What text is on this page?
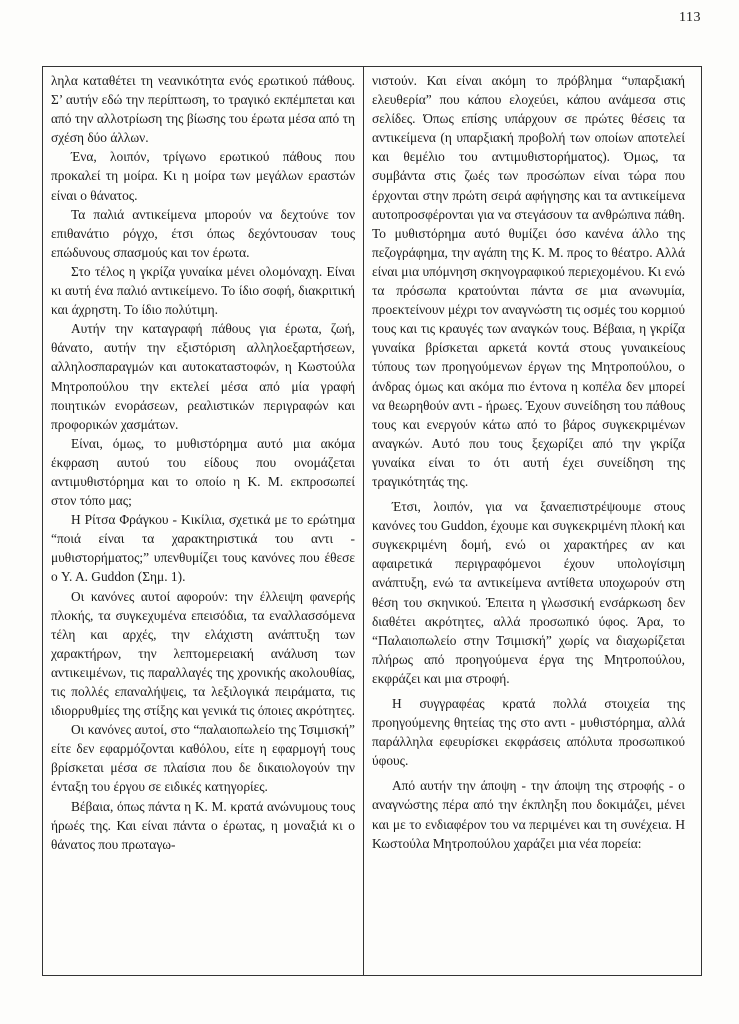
113

ληλα καταθέτει τη νεανικότητα ενός ερωτικού πάθους. Σ’ αυτήν εδώ την περίπτωση, το τραγικό εκπέμπεται και από την αλλοτρίωση της βίωσης του έρωτα μέσα από τη σχέση δύο άλλων.

Ένα, λοιπόν, τρίγωνο ερωτικού πάθους που προκαλεί τη μοίρα. Κι η μοίρα των μεγάλων εραστών είναι ο θάνατος.

Τα παλιά αντικείμενα μπορούν να δεχτούνε τον επιθανάτιο ρόγχο, έτσι όπως δεχόντουσαν τους επώδυνους σπασμούς και τον έρωτα.

Στο τέλος η γκρίζα γυναίκα μένει ολομόναχη. Είναι κι αυτή ένα παλιό αντικείμενο. Το ίδιο σοφή, διακριτική και άχρηστη. Το ίδιο πολύτιμη.

Αυτήν την καταγραφή πάθους για έρωτα, ζωή, θάνατο, αυτήν την εξιστόριση αλληλοεξαρτήσεων, αλληλοσπαραγμών και αυτοκαταστοφών, η Κωστούλα Μητροπούλου την εκτελεί μέσα από μία γραφή ποιητικών ενοράσεων, ρεαλιστικών περιγραφών και προφορικών χασμάτων.

Είναι, όμως, το μυθιστόρημα αυτό μια ακόμα έκφραση αυτού του είδους που ονομάζεται αντιμυθιστόρημα και το οποίο η Κ. Μ. εκπροσωπεί στον τόπο μας;

Η Ρίτσα Φράγκου - Κικίλια, σχετικά με το ερώτημα “ποιά είναι τα χαρακτηριστικά του αντι - μυθιστορήματος;” υπενθυμίζει τους κανόνες που έθεσε ο Y. A. Guddon (Σημ. 1).

Οι κανόνες αυτοί αφορούν: την έλλειψη φανερής πλοκής, τα συγκεχυμένα επεισόδια, τα εναλλασσόμενα τέλη και αρχές, την ελάχιστη ανάπτυξη των χαρακτήρων, την λεπτομερειακή ανάλυση των αντικειμένων, τις παραλλαγές της χρονικής ακολουθίας, τις πολλές επαναλήψεις, τα λεξιλογικά πειράματα, τις ιδιορρυθμίες της στίξης και γενικά τις όποιες ακρότητες.

Οι κανόνες αυτοί, στο “παλαιοπωλείο της Τσιμισκή” είτε δεν εφαρμόζονται καθόλου, είτε η εφαρμογή τους βρίσκεται μέσα σε πλαίσια που δε δικαιολογούν την ένταξη του έργου σε ειδικές κατηγορίες.

Βέβαια, όπως πάντα η Κ. Μ. κρατά ανώνυμους τους ήρωές της. Και είναι πάντα ο έρωτας, η μοναξιά κι ο θάνατος που πρωταγω-

νιστούν. Και είναι ακόμη το πρόβλημα “υπαρξιακή ελευθερία” που κάπου ελοχεύει, κάπου ανάμεσα στις σελίδες. Όπως επίσης υπάρχουν σε πρώτες θέσεις τα αντικείμενα (η υπαρξιακή προβολή των οποίων αποτελεί και θεμέλιο του αντιμυθιστορήματος). Όμως, τα συμβάντα στις ζωές των προσώπων είναι τώρα που έρχονται στην πρώτη σειρά αφήγησης και τα αντικείμενα αυτοπροσφέρονται για να στεγάσουν τα ανθρώπινα πάθη. Το μυθιστόρημα αυτό θυμίζει όσο κανένα άλλο της πεζογράφημα, την αγάπη της Κ. Μ. προς το θέατρο. Αλλά είναι μια υπόμνηση σκηνογραφικού περιεχομένου. Κι ενώ τα πρόσωπα κρατούνται πάντα σε μια ανωνυμία, προεκτείνουν μέχρι τον αναγνώστη τις οσμές του κορμιού τους και τις κραυγές των αναγκών τους. Βέβαια, η γκρίζα γυναίκα βρίσκεται αρκετά κοντά στους γυναικείους τύπους των προηγούμενων έργων της Μητροπούλου, ο άνδρας όμως και ακόμα πιο έντονα η κοπέλα δεν μπορεί να θεωρηθούν αντι - ήρωες. Έχουν συνείδηση του πάθους τους και ενεργούν κάτω από το βάρος συγκεκριμένων αναγκών. Αυτό που τους ξεχωρίζει από την γκρίζα γυναίκα είναι το ότι αυτή έχει συνείδηση της τραγικότητάς της.

Έτσι, λοιπόν, για να ξαναεπιστρέψουμε στους κανόνες του Guddon, έχουμε και συγκεκριμένη πλοκή και συγκεκριμένη δομή, ενώ οι χαρακτήρες αν και αφαιρετικά περιγραφόμενοι έχουν υπολογίσιμη ανάπτυξη, ενώ τα αντικείμενα αντίθετα υποχωρούν στη θέση του σκηνικού. Έπειτα η γλωσσική ενσάρκωση δεν διαθέτει ακρότητες, αλλά προσωπικό ύφος. Άρα, το “Παλαιοπωλείο στην Τσιμισκή” χωρίς να διαχωρίζεται πλήρως από προηγούμενα έργα της Μητροπούλου, εκφράζει και μια στροφή.

Η συγγραφέας κρατά πολλά στοιχεία της προηγούμενης θητείας της στο αντι - μυθιστόρημα, αλλά παράλληλα εφευρίσκει εκφράσεις απόλυτα προσωπικού ύφους.

Από αυτήν την άποψη - την άποψη της στροφής - ο αναγνώστης πέρα από την έκπληξη που δοκιμάζει, μένει και με το ενδιαφέρον του να περιμένει και τη συνέχεια. Η Κωστούλα Μητροπούλου χαράζει μια νέα πορεία:
